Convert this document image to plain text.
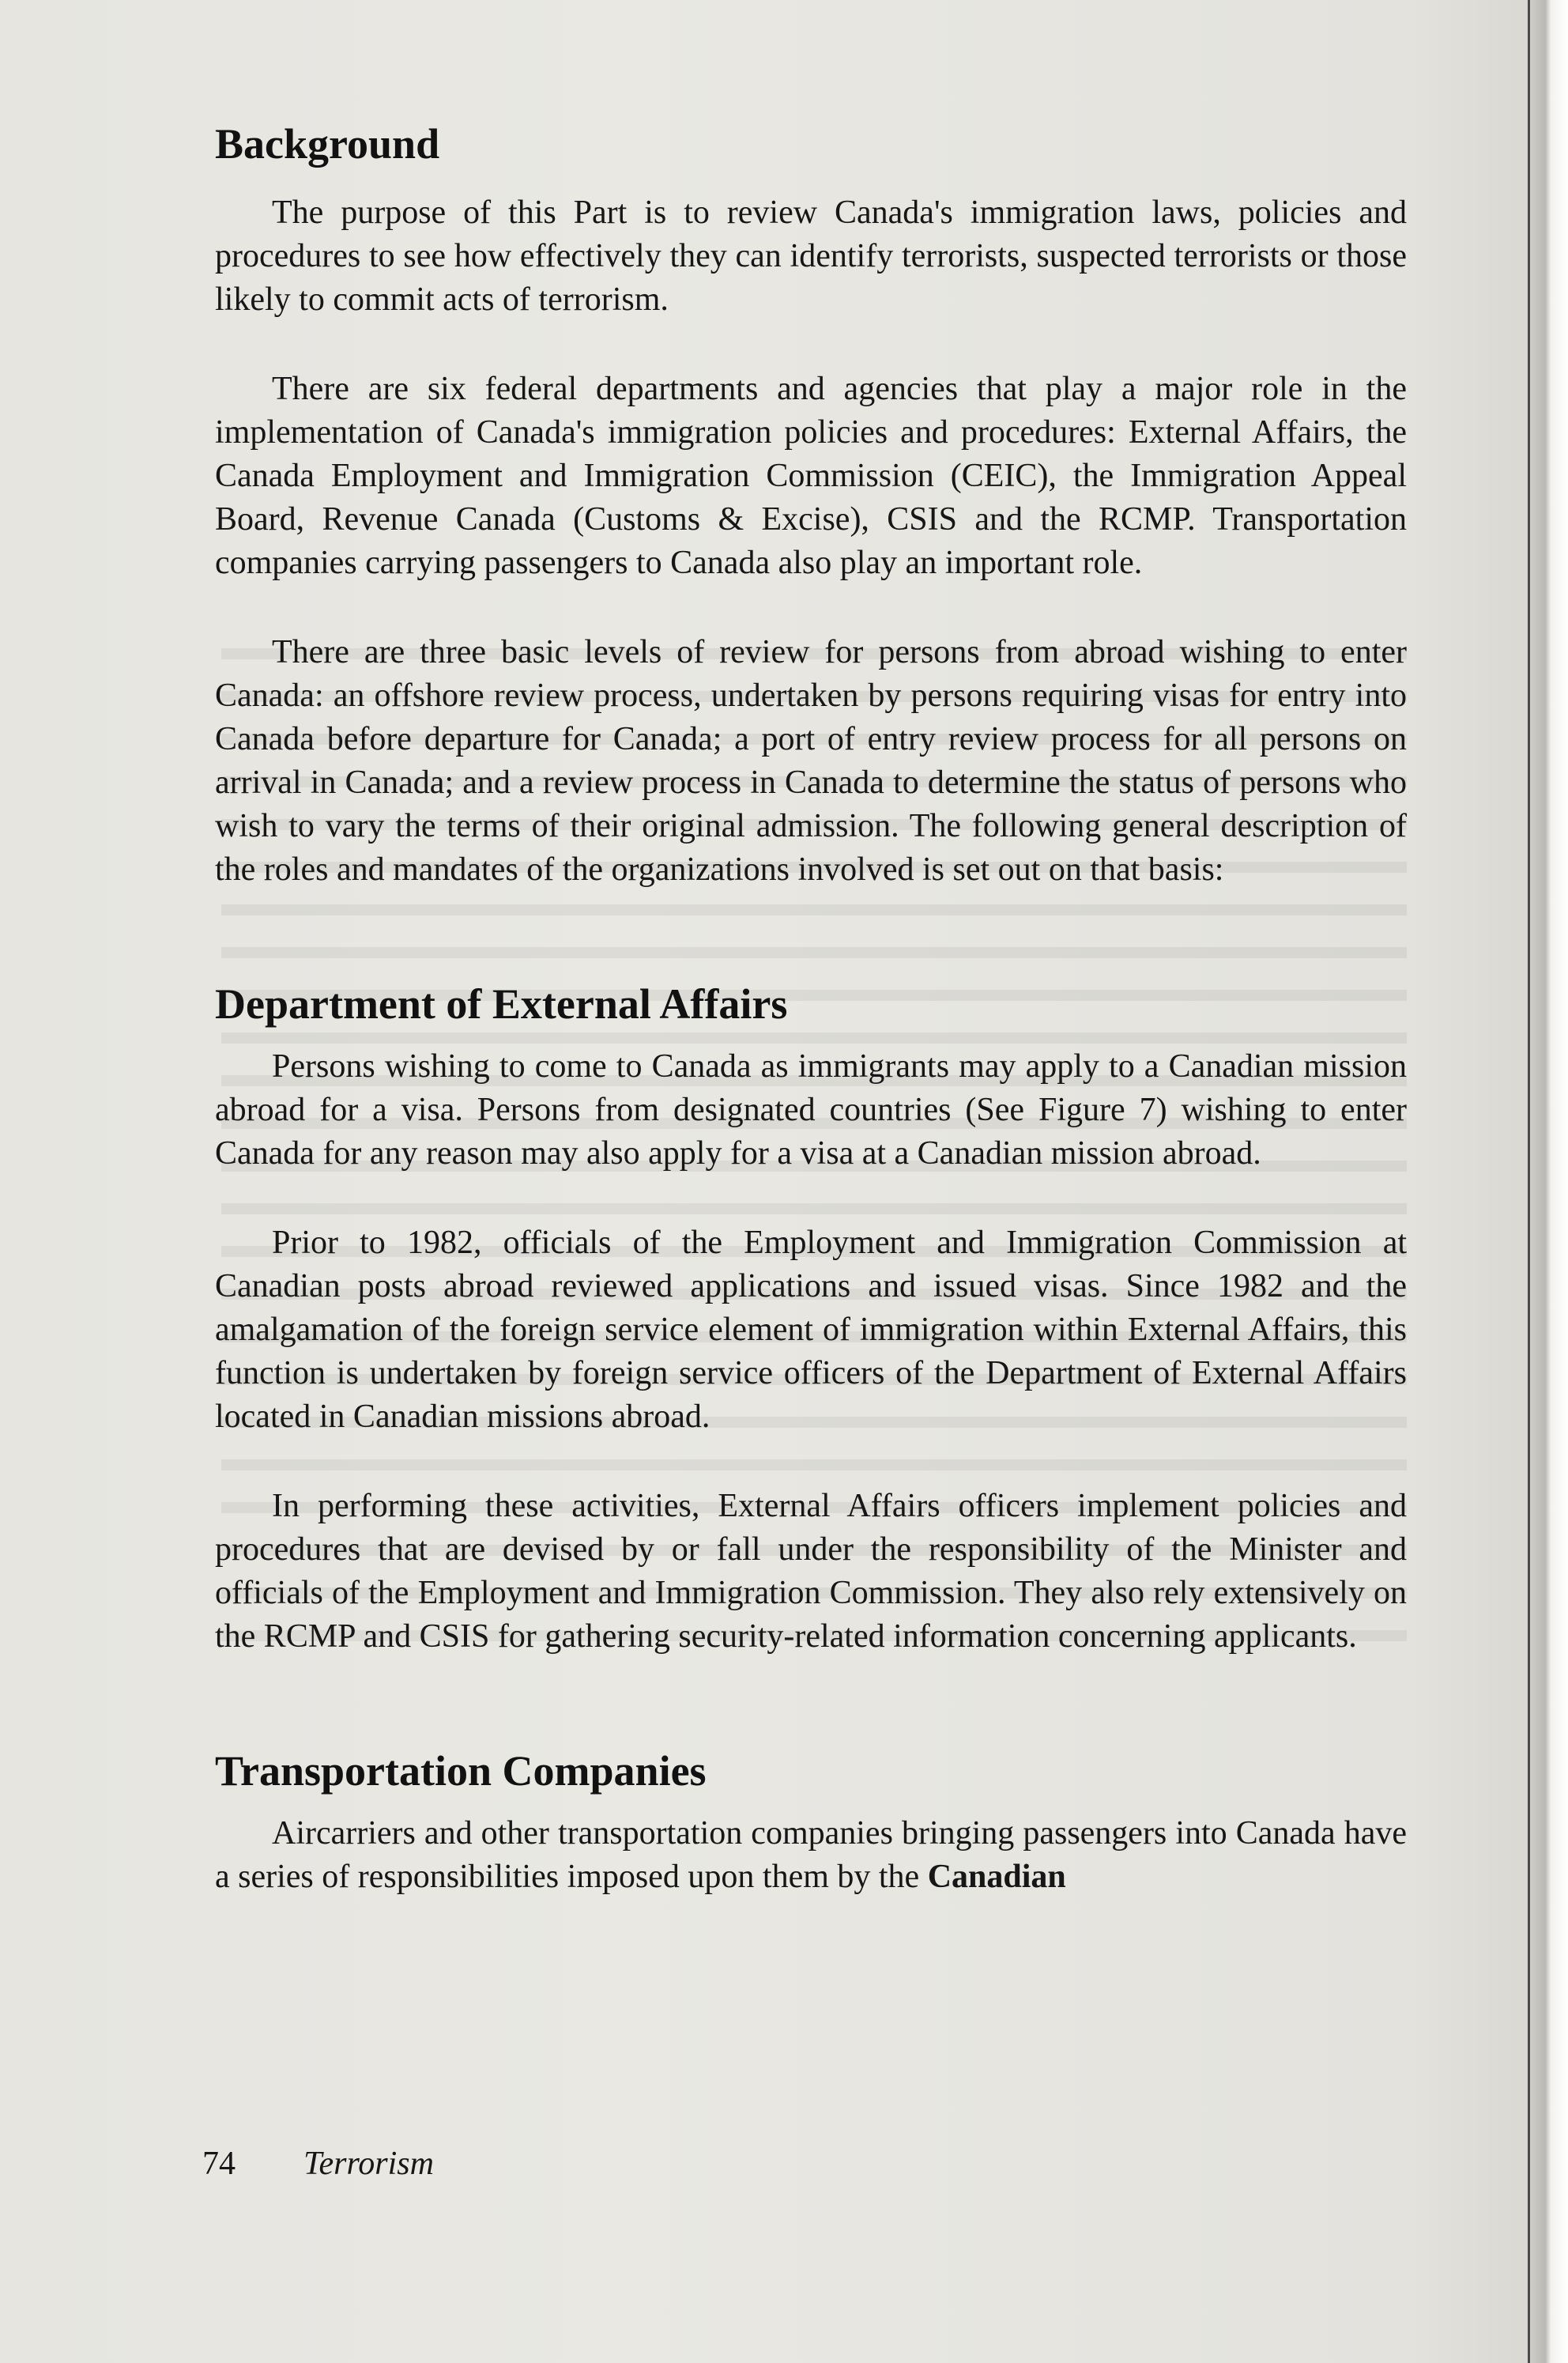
Background

The purpose of this Part is to review Canada's immigration laws, policies and procedures to see how effectively they can identify terrorists, suspected terrorists or those likely to commit acts of terrorism.

There are six federal departments and agencies that play a major role in the implementation of Canada's immigration policies and procedures: External Affairs, the Canada Employment and Immigration Commission (CEIC), the Immigration Appeal Board, Revenue Canada (Customs & Excise), CSIS and the RCMP. Transportation companies carrying passengers to Canada also play an important role.

There are three basic levels of review for persons from abroad wishing to enter Canada: an offshore review process, undertaken by persons requiring visas for entry into Canada before departure for Canada; a port of entry review process for all persons on arrival in Canada; and a review process in Canada to determine the status of persons who wish to vary the terms of their original admission. The following general description of the roles and mandates of the organizations involved is set out on that basis:

Department of External Affairs

Persons wishing to come to Canada as immigrants may apply to a Canadian mission abroad for a visa. Persons from designated countries (See Figure 7) wishing to enter Canada for any reason may also apply for a visa at a Canadian mission abroad.

Prior to 1982, officials of the Employment and Immigration Commission at Canadian posts abroad reviewed applications and issued visas. Since 1982 and the amalgamation of the foreign service element of immigration within External Affairs, this function is undertaken by foreign service officers of the Department of External Affairs located in Canadian missions abroad.

In performing these activities, External Affairs officers implement policies and procedures that are devised by or fall under the responsibility of the Minister and officials of the Employment and Immigration Commission. They also rely extensively on the RCMP and CSIS for gathering security-related information concerning applicants.

Transportation Companies

Aircarriers and other transportation companies bringing passengers into Canada have a series of responsibilities imposed upon them by the Canadian

74 Terrorism
